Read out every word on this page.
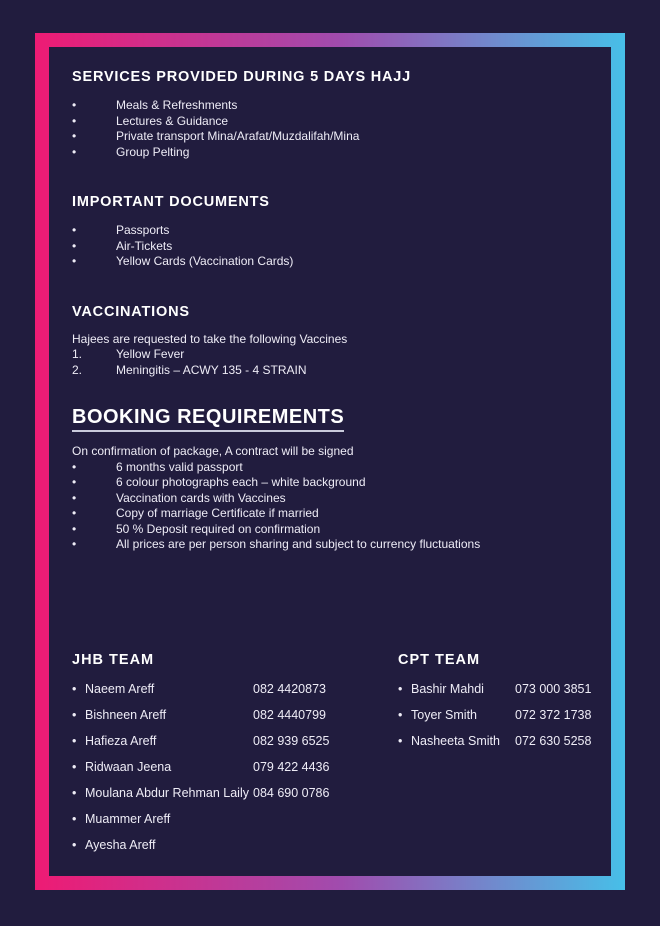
SERVICES PROVIDED DURING 5 DAYS HAJJ
•	Meals & Refreshments
•	Lectures & Guidance
•	Private transport Mina/Arafat/Muzdalifah/Mina
•	Group Pelting
IMPORTANT DOCUMENTS
•	Passports
•	Air-Tickets
•	Yellow Cards (Vaccination Cards)
VACCINATIONS

Hajees are requested to take the following Vaccines

1.	Yellow Fever
2.	Meningitis – ACWY 135 - 4 STRAIN
BOOKING REQUIREMENTS

On confirmation of package, A contract will be signed

•	6 months valid passport
•	6 colour photographs each – white background
•	Vaccination cards with Vaccines
•	Copy of marriage Certificate if married
•	50 % Deposit required on confirmation
•	All prices are per person sharing and subject to currency fluctuations
JHB TEAM
• Naeem Areff	082 4420873
• Bishneen Areff	082 4440799
• Hafieza Areff	082 939 6525
• Ridwaan Jeena	079 422 4436
• Moulana Abdur Rehman Laily 084 690 0786
• Muammer Areff
• Ayesha Areff
CPT TEAM
• Bashir Mahdi 073 000 3851
• Toyer Smith	072 372 1738
• Nasheeta Smith 072 630 5258
